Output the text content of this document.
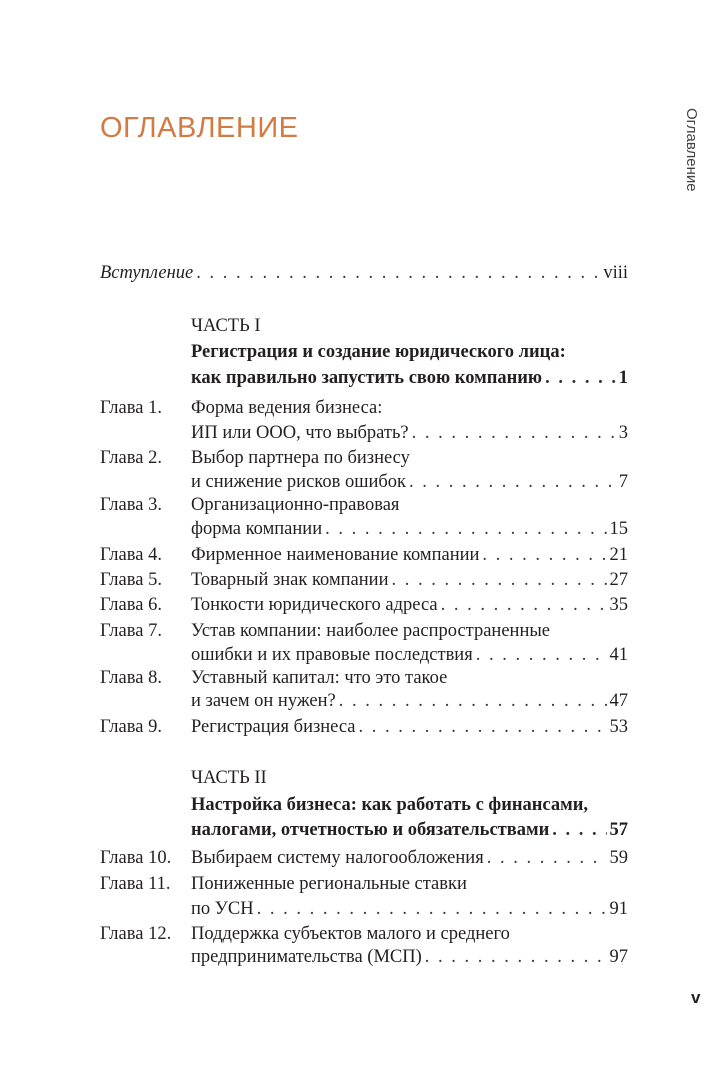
ОГЛАВЛЕНИЕ	Оглавление
Вступление . . .	viii
ЧАСТЬ I
Регистрация и создание юридического лица:
как правильно запустить свою компанию . . .	1
Глава 1. Форма ведения бизнеса:
ИП или ООО, что выбрать? . . .	3
Глава 2. Выбор партнера по бизнесу
и снижение рисков ошибок . . .	7
Глава 3. Организационно-правовая
форма компании . . .	15
Глава 4. Фирменное наименование компании . . .	21
Глава 5. Товарный знак компании . . .	27
Глава 6. Тонкости юридического адреса . . .	35
Глава 7. Устав компании: наиболее распространенные
ошибки и их правовые последствия . . .	41
Глава 8. Уставный капитал: что это такое
и зачем он нужен? . . .	47
Глава 9. Регистрация бизнеса . . .	53
ЧАСТЬ II
Настройка бизнеса: как работать с финансами,
налогами, отчетностью и обязательствами . . .	57
Глава 10. Выбираем систему налогообложения . . .	59
Глава 11. Пониженные региональные ставки
по УСН . . .	91
Глава 12. Поддержка субъектов малого и среднего
предпринимательства (МСП) . . .	97
v
